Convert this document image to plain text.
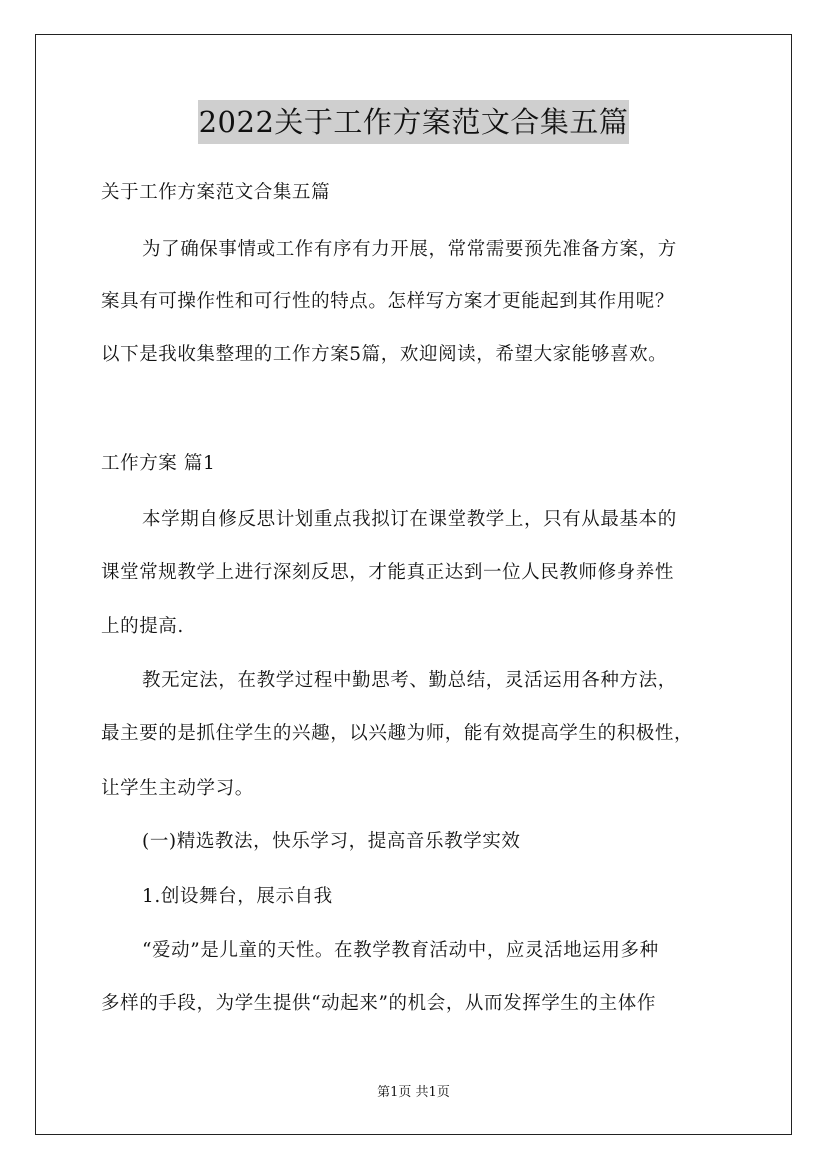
2022关于工作方案范文合集五篇
关于工作方案范文合集五篇
为了确保事情或工作有序有力开展，常常需要预先准备方案，方
案具有可操作性和可行性的特点。怎样写方案才更能起到其作用呢？
以下是我收集整理的工作方案5篇，欢迎阅读，希望大家能够喜欢。
工作方案 篇1
本学期自修反思计划重点我拟订在课堂教学上，只有从最基本的
课堂常规教学上进行深刻反思，才能真正达到一位人民教师修身养性
上的提高.
教无定法，在教学过程中勤思考、勤总结，灵活运用各种方法，
最主要的是抓住学生的兴趣，以兴趣为师，能有效提高学生的积极性，
让学生主动学习。
(一)精选教法，快乐学习，提高音乐教学实效
1.创设舞台，展示自我
“爱动”是儿童的天性。在教学教育活动中，应灵活地运用多种
多样的手段，为学生提供“动起来”的机会，从而发挥学生的主体作
第1页 共1页
